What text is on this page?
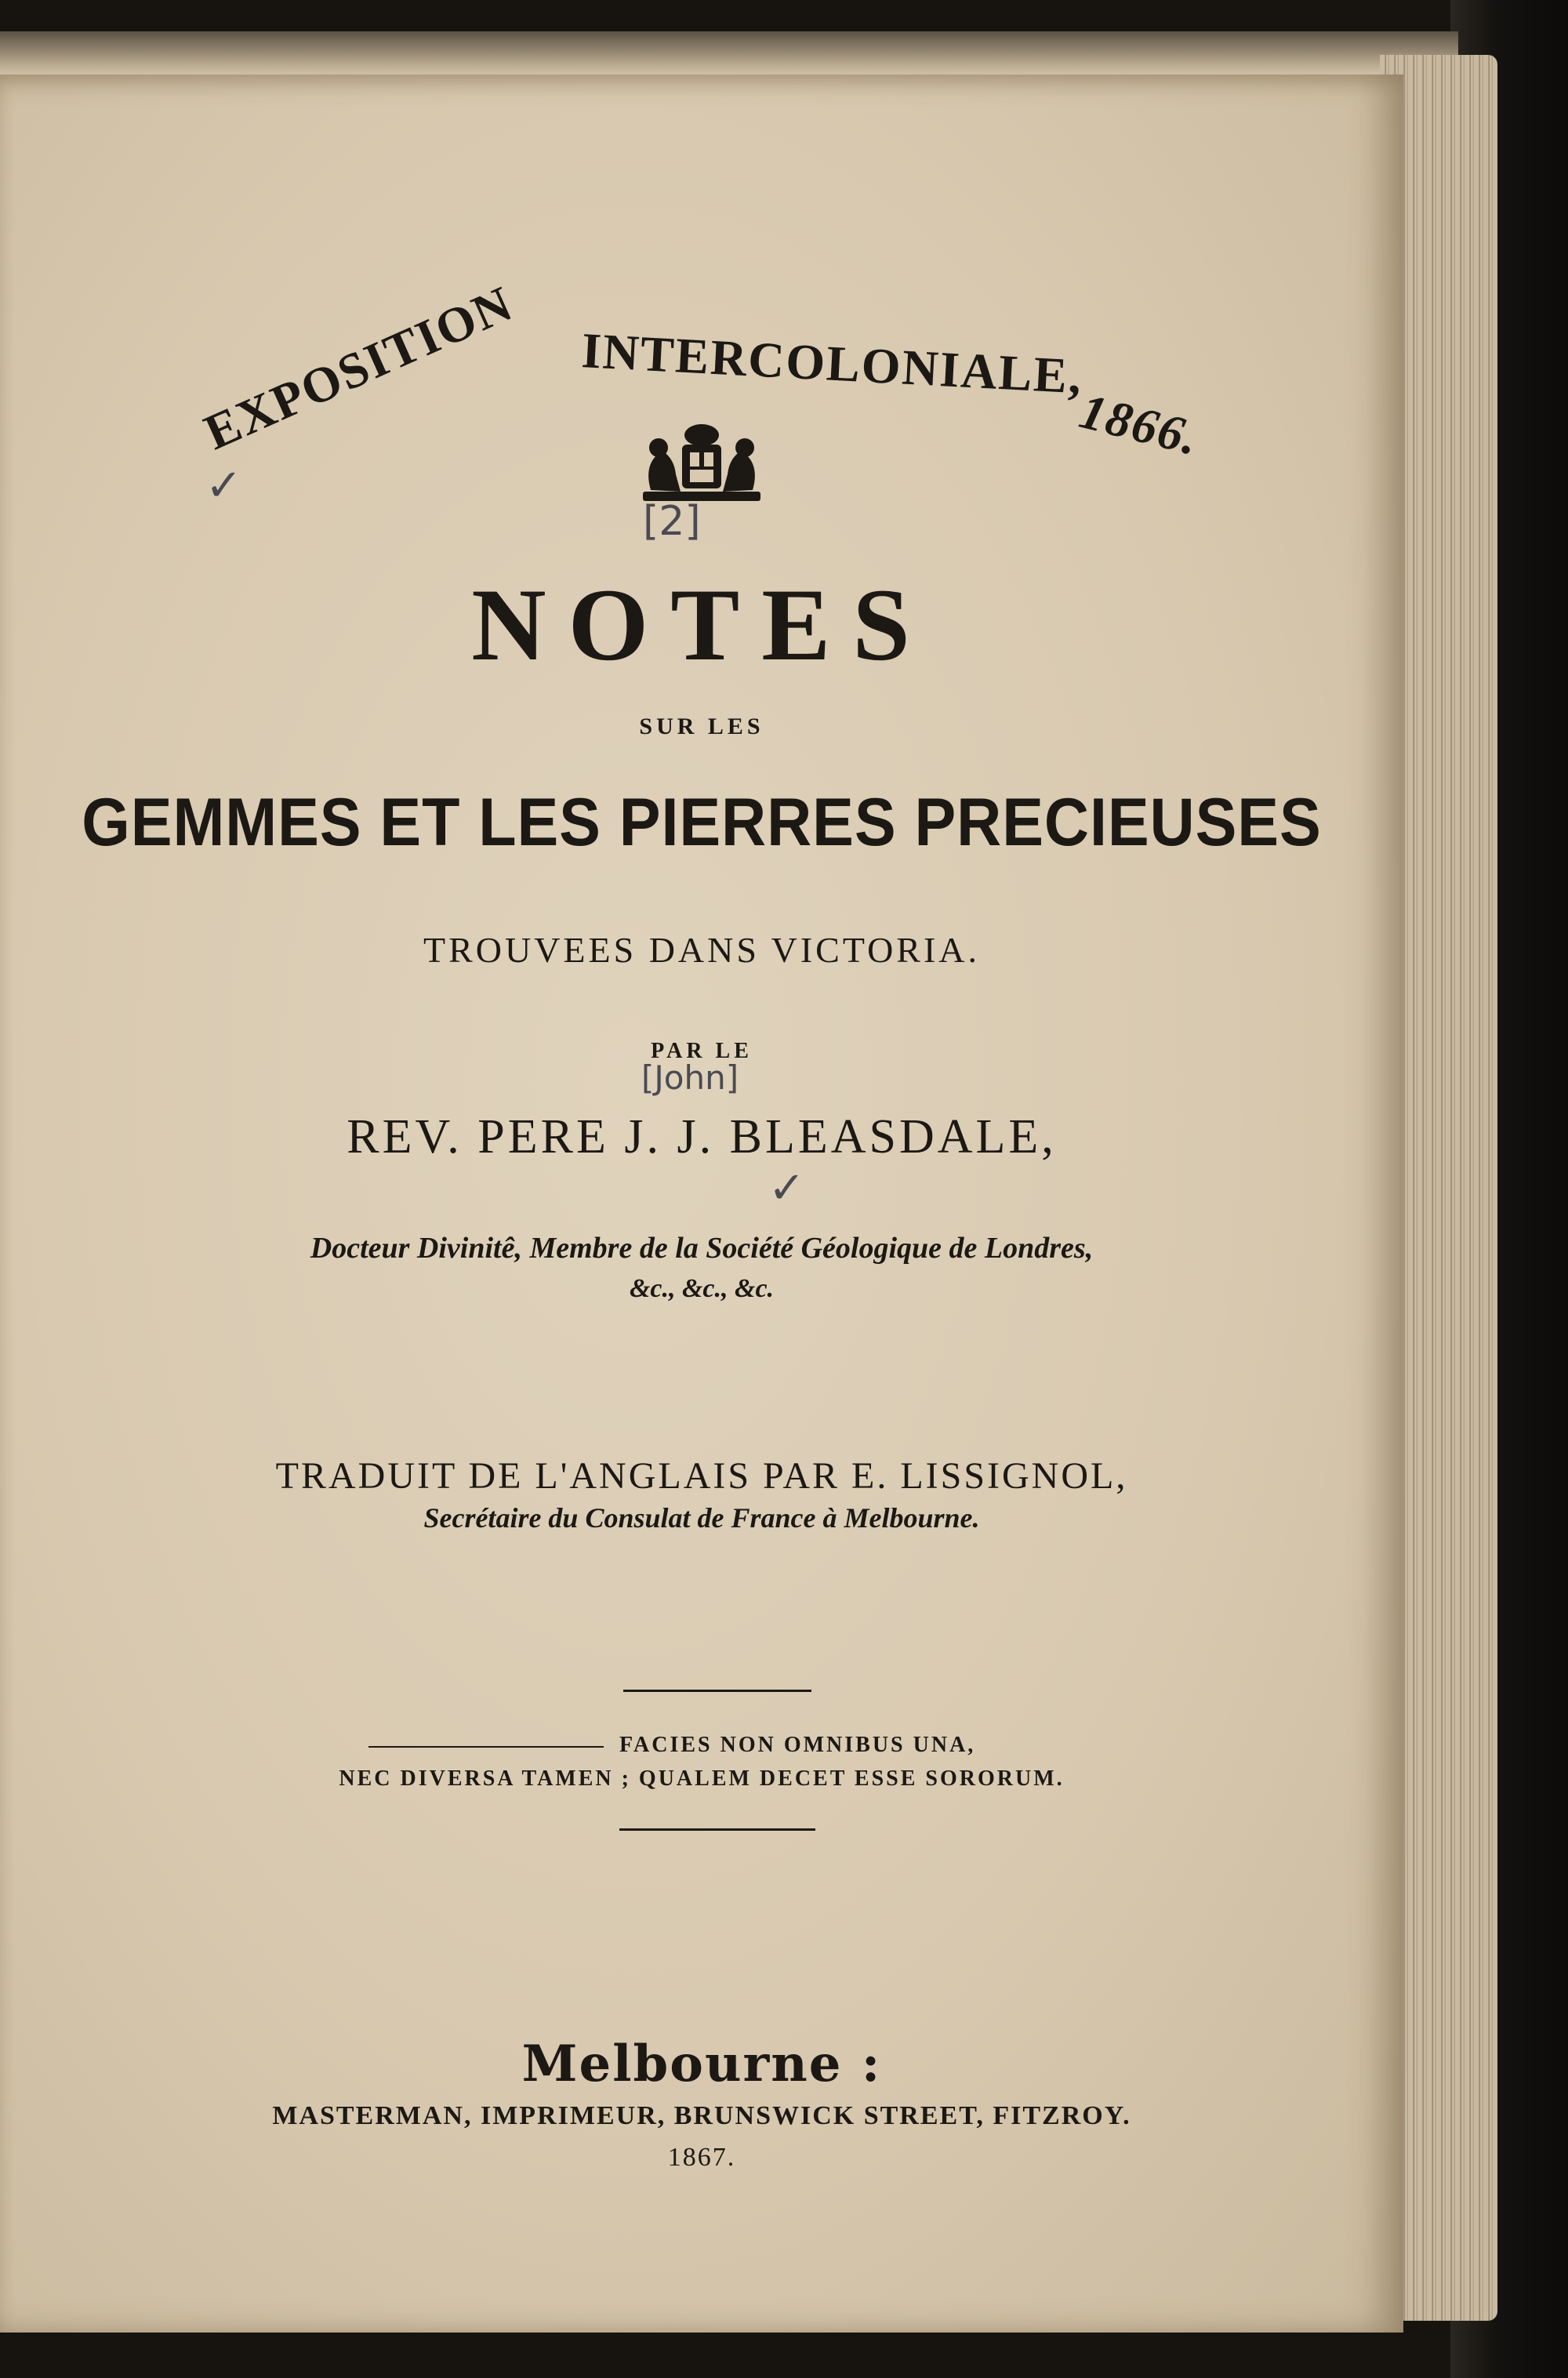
EXPOSITION INTERCOLONIALE,
1866.
[2]
✓
NOTES
SUR LES
GEMMES ET LES PIERRES PRECIEUSES
TROUVEES DANS VICTORIA.
PAR LE
[John]
REV. PERE J. J. BLEASDALE,
✓
Docteur Divinitê, Membre de la Société Géologique de Londres,
&c., &c., &c.
TRADUIT DE L'ANGLAIS PAR E. LISSIGNOL,
Secrétaire du Consulat de France à Melbourne.
FACIES NON OMNIBUS UNA,
NEC DIVERSA TAMEN ; QUALEM DECET ESSE SORORUM.
Melbourne :
MASTERMAN, IMPRIMEUR, BRUNSWICK STREET, FITZROY.
1867.
